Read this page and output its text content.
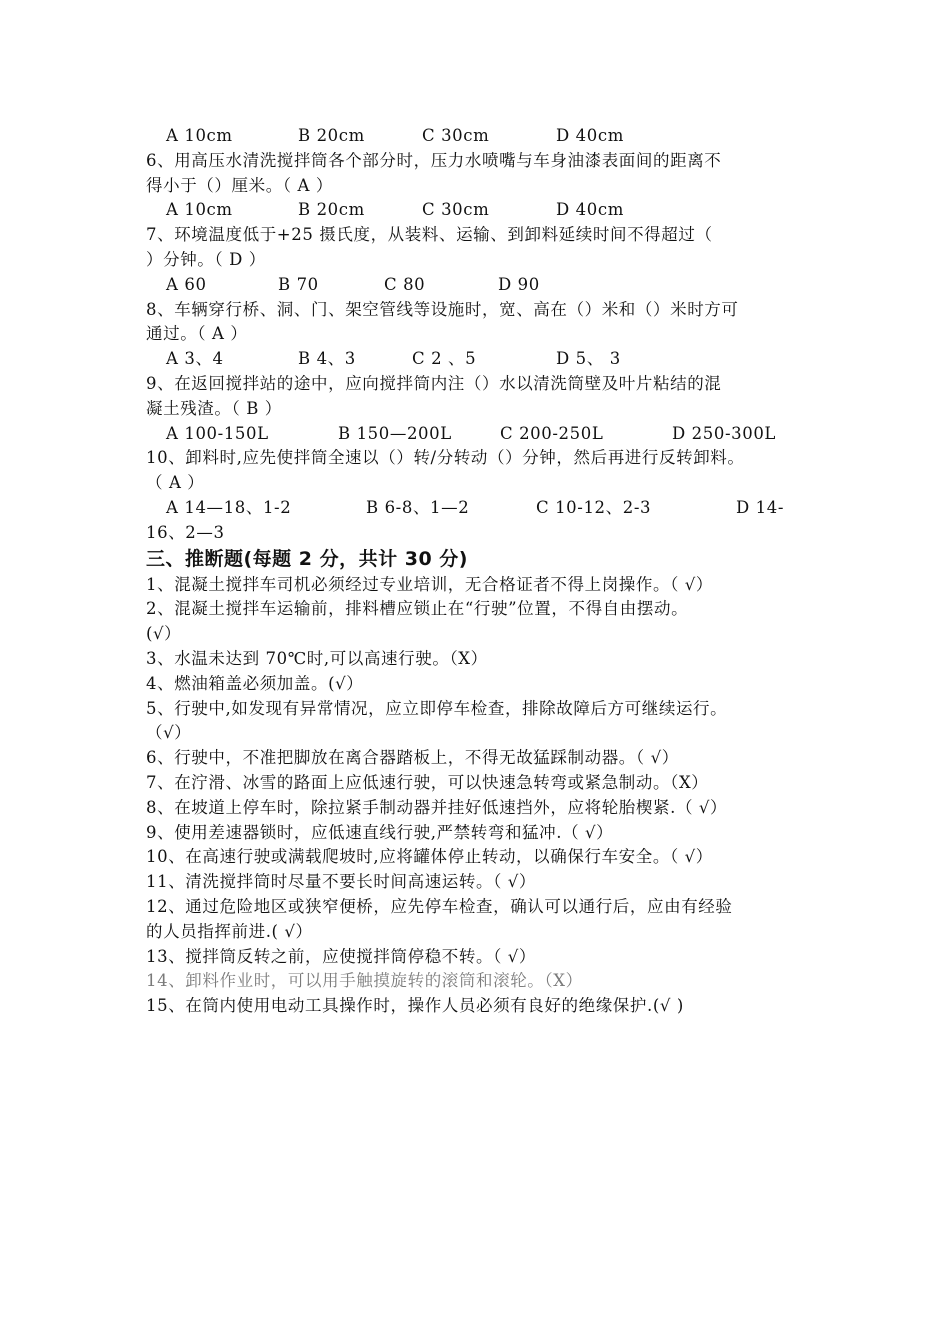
A 10cm	B 20cm	C 30cm	D 40cm
6、用高压水清洗搅拌筒各个部分时，压力水喷嘴与车身油漆表面间的距离不
得小于（）厘米。（ A ）
A 10cm	B 20cm	C 30cm	D 40cm
7、环境温度低于+25 摄氏度，从装料、运输、到卸料延续时间不得超过（
）分钟。（ D ）
A 60	B 70	C 80	D 90
8、车辆穿行桥、洞、门、架空管线等设施时，宽、高在（）米和（）米时方可
通过。（ A ）
A 3、4	B 4、3	C 2 、5	D 5、 3
9、在返回搅拌站的途中，应向搅拌筒内注（）水以清洗筒壁及叶片粘结的混
凝土残渣。（ B ）
A 100-150L	B 150—200L	C 200-250L	D 250-300L
10、卸料时,应先使拌筒全速以（）转/分转动（）分钟，然后再进行反转卸料。
（ A ）
A 14—18、1-2	B 6-8、1—2	C 10-12、2-3	D 14-
16、2—3
三、推断题(每题 2 分，共计 30 分)
1、混凝土搅拌车司机必须经过专业培训，无合格证者不得上岗操作。（ √）
2、混凝土搅拌车运输前，排料槽应锁止在“行驶”位置，不得自由摆动。
(√）
3、水温未达到 70℃时,可以高速行驶。（X）
4、燃油箱盖必须加盖。(√）
5、行驶中,如发现有异常情况，应立即停车检查，排除故障后方可继续运行。
（√）
6、行驶中，不准把脚放在离合器踏板上，不得无故猛踩制动器。（ √）
7、在泞滑、冰雪的路面上应低速行驶，可以快速急转弯或紧急制动。（X）
8、在坡道上停车时，除拉紧手制动器并挂好低速挡外，应将轮胎楔紧.（ √）
9、使用差速器锁时，应低速直线行驶,严禁转弯和猛冲.（ √）
10、在高速行驶或满载爬坡时,应将罐体停止转动，以确保行车安全。（ √）
11、清洗搅拌筒时尽量不要长时间高速运转。（ √）
12、通过危险地区或狭窄便桥，应先停车检查，确认可以通行后，应由有经验
的人员指挥前进.( √）
13、搅拌筒反转之前，应使搅拌筒停稳不转。（ √）
14、卸料作业时，可以用手触摸旋转的滚筒和滚轮。（X）
15、在筒内使用电动工具操作时，操作人员必须有良好的绝缘保护.(√ )
